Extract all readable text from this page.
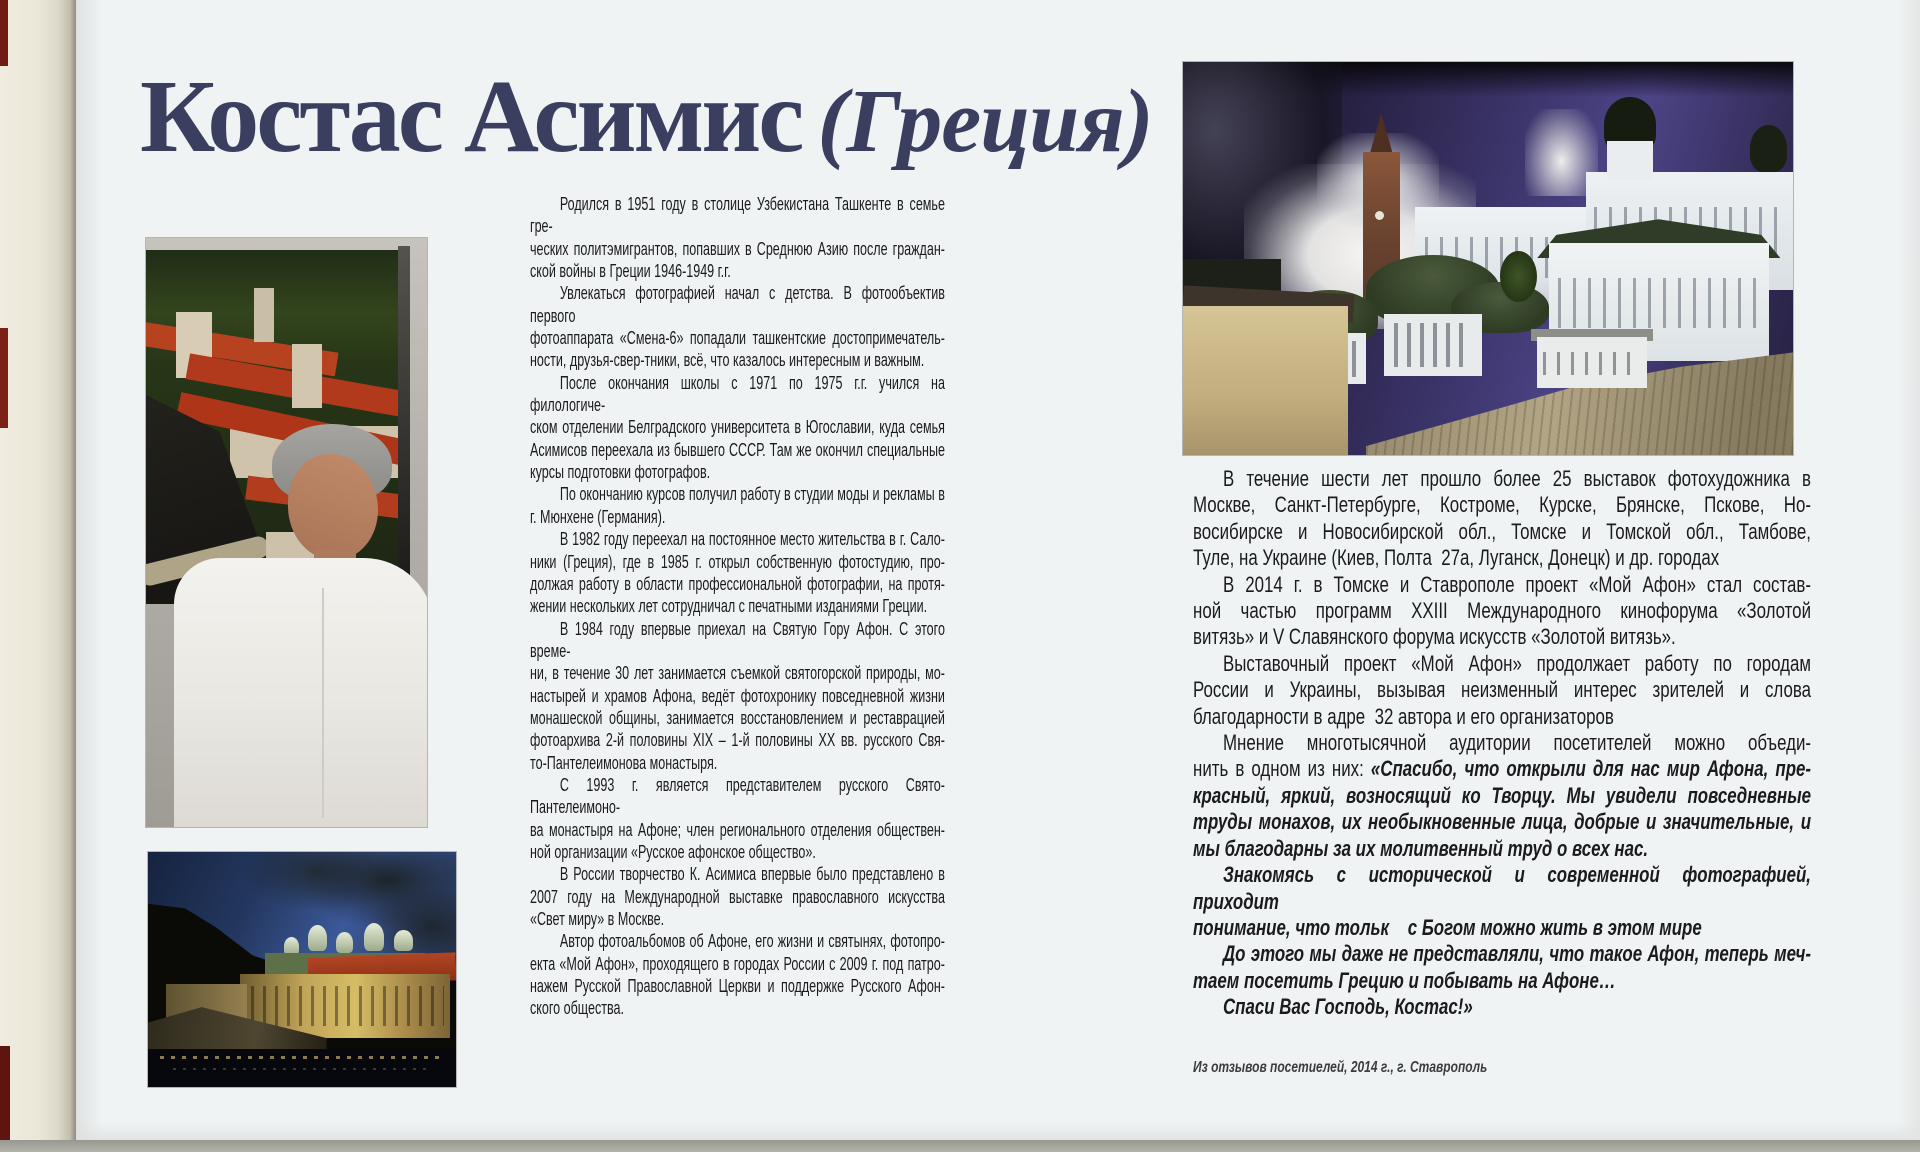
Костас Асимис (Греция)
Родился в 1951 году в столице Узбекистана Ташкенте в семье гре-
ческих политэмигрантов, попавших в Среднюю Азию после граждан-
ской войны в Греции 1946-1949 г.г.
Увлекаться фотографией начал с детства. В фотообъектив первого
фотоаппарата «Смена-6» попадали ташкентские достопримечатель-
ности, друзья-свер-тники, всё, что казалось интересным и важным.
После окончания школы с 1971 по 1975 г.г. учился на филологиче-
ском отделении Белградского университета в Югославии, куда семья
Асимисов переехала из бывшего СССР. Там же окончил специальные
курсы подготовки фотографов.
По окончанию курсов получил работу в студии моды и рекламы в
г. Мюнхене (Германия).
В 1982 году переехал на постоянное место жительства в г. Сало-
ники (Греция), где в 1985 г. открыл собственную фотостудию, про-
должая работу в области профессиональной фотографии, на протя-
жении нескольких лет сотрудничал с печатными изданиями Греции.
В 1984 году впервые приехал на Святую Гору Афон. С этого време-
ни, в течение 30 лет занимается съемкой святогорской природы, мо-
настырей и храмов Афона, ведёт фотохронику повседневной жизни
монашеской общины, занимается восстановлением и реставрацией
фотоархива 2-й половины XIX – 1-й половины XX вв. русского Свя-
то-Пантелеимонова монастыря.
С 1993 г. является представителем русского Свято-Пантелеимоно-
ва монастыря на Афоне; член регионального отделения обществен-
ной организации «Русское афонское общество».
В России творчество К. Асимиса впервые было представлено в
2007 году на Международной выставке православного искусства
«Свет миру» в Москве.
Автор фотоальбомов об Афоне, его жизни и святынях, фотопро-
екта «Мой Афон», проходящего в городах России с 2009 г. под патро-
нажем Русской Православной Церкви и поддержке Русского Афон-
ского общества.
В течение шести лет прошло более 25 выставок фотохудожника в
Москве, Санкт-Петербурге, Костроме, Курске, Брянске, Пскове, Но-
восибирске и Новосибирской обл., Томске и Томской обл., Тамбове,
Туле, на Украине (Киев, Полта  27а, Луганск, Донецк) и др. городах
В 2014 г. в Томске и Ставрополе проект «Мой Афон» стал состав-
ной частью программ XXIII Международного кинофорума «Золотой
витязь» и V Славянского форума искусств «Золотой витязь».
Выставочный проект «Мой Афон» продолжает работу по городам
России и Украины, вызывая неизменный интерес зрителей и слова
благодарности в адре  32 автора и его организаторов
Мнение многотысячной аудитории посетителей можно объеди-
нить в одном из них: «Спасибо, что открыли для нас мир Афона, пре-
красный, яркий, возносящий ко Творцу. Мы увидели повседневные
труды монахов, их необыкновенные лица, добрые и значительные, и
мы благодарны за их молитвенный труд о всех нас.
Знакомясь с исторической и современной фотографией, приходит
понимание, что тольк    с Богом можно жить в этом мире
До этого мы даже не представляли, что такое Афон, теперь меч-
таем посетить Грецию и побывать на Афоне…
Спаси Вас Господь, Костас!»
Из отзывов посетиелей, 2014 г., г. Ставрополь
